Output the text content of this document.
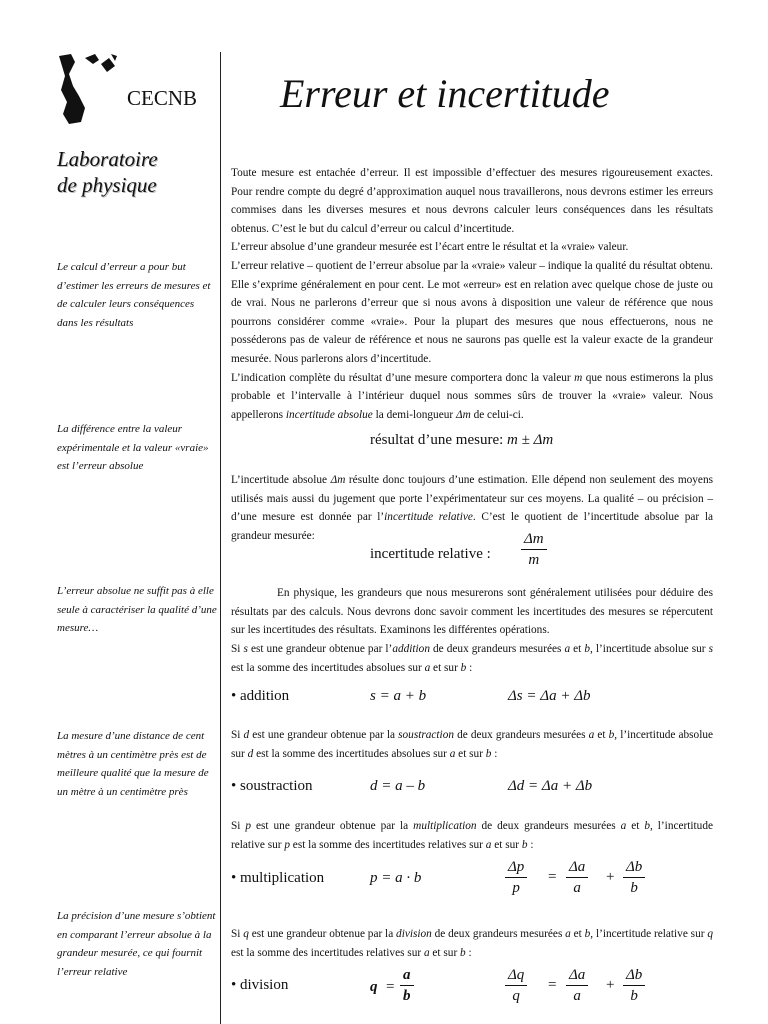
CECNB Erreur et incertitude
Laboratoire
de physique
Le calcul d’erreur a pour but d’estimer les erreurs de mesures et de calculer leurs conséquences dans les résultats
La différence entre la valeur expérimentale et la valeur «vraie» est l’erreur absolue
L’erreur absolue ne suffit pas à elle seule à caractériser la qualité d’une mesure…
La mesure d’une distance de cent mètres à un centimètre près est de meilleure qualité que la mesure de un mètre à un centimètre près
La précision d’une mesure s’obtient en comparant l’erreur absolue à la grandeur mesurée, ce qui fournit l’erreur relative
Toute mesure est entachée d’erreur. Il est impossible d’effectuer des mesures rigoureusement exactes. Pour rendre compte du degré d’approximation auquel nous travaillerons, nous devrons estimer les erreurs commises dans les diverses mesures et nous devrons calculer leurs conséquences dans les résultats obtenus. C’est le but du calcul d’erreur ou calcul d’incertitude.
L’erreur absolue d’une grandeur mesurée est l’écart entre le résultat et la «vraie» valeur.
L’erreur relative – quotient de l’erreur absolue par la «vraie» valeur – indique la qualité du résultat obtenu. Elle s’exprime généralement en pour cent. Le mot «erreur» est en relation avec quelque chose de juste ou de vrai. Nous ne parlerons d’erreur que si nous avons à disposition une valeur de référence que nous pourrons considérer comme «vraie». Pour la plupart des mesures que nous effectuerons, nous ne posséderons pas de valeur de référence et nous ne saurons pas quelle est la valeur exacte de la grandeur mesurée. Nous parlerons alors d’incertitude.
L’indication complète du résultat d’une mesure comportera donc la valeur m que nous estimerons la plus probable et l’intervalle à l’intérieur duquel nous sommes sûrs de trouver la «vraie» valeur. Nous appellerons incertitude absolue la demi-longueur Δm de celui-ci.
résultat d’une mesure: m ± Δm
L’incertitude absolue Δm résulte donc toujours d’une estimation. Elle dépend non seulement des moyens utilisés mais aussi du jugement que porte l’expérimentateur sur ces moyens. La qualité – ou précision – d’une mesure est donnée par l’incertitude relative. C’est le quotient de l’incertitude absolue par la grandeur mesurée:
incertitude relative : $\frac{\Delta m}{m}$
En physique, les grandeurs que nous mesurerons sont généralement utilisées pour déduire des résultats par des calculs. Nous devrons donc savoir comment les incertitudes des mesures se répercutent sur les incertitudes des résultats. Examinons les différentes opérations.
Si s est une grandeur obtenue par l’addition de deux grandeurs mesurées a et b, l’incertitude absolue sur s est la somme des incertitudes absolues sur a et sur b :
• addition	s = a + b	Δs = Δa + Δb
Si d est une grandeur obtenue par la soustraction de deux grandeurs mesurées a et b, l’incertitude absolue sur d est la somme des incertitudes absolues sur a et sur b :
• soustraction	d = a – b	Δd = Δa + Δb
Si p est une grandeur obtenue par la multiplication de deux grandeurs mesurées a et b, l’incertitude relative sur p est la somme des incertitudes relatives sur a et sur b :
• multiplication	p = a · b	$\frac{\Delta p}{p} = \frac{\Delta a}{a} + \frac{\Delta b}{b}$
Si q est une grandeur obtenue par la division de deux grandeurs mesurées a et b, l’incertitude relative sur q est la somme des incertitudes relatives sur a et sur b :
• division	$q = \frac{a}{b}$	$\frac{\Delta q}{q} = \frac{\Delta a}{a} + \frac{\Delta b}{b}$
